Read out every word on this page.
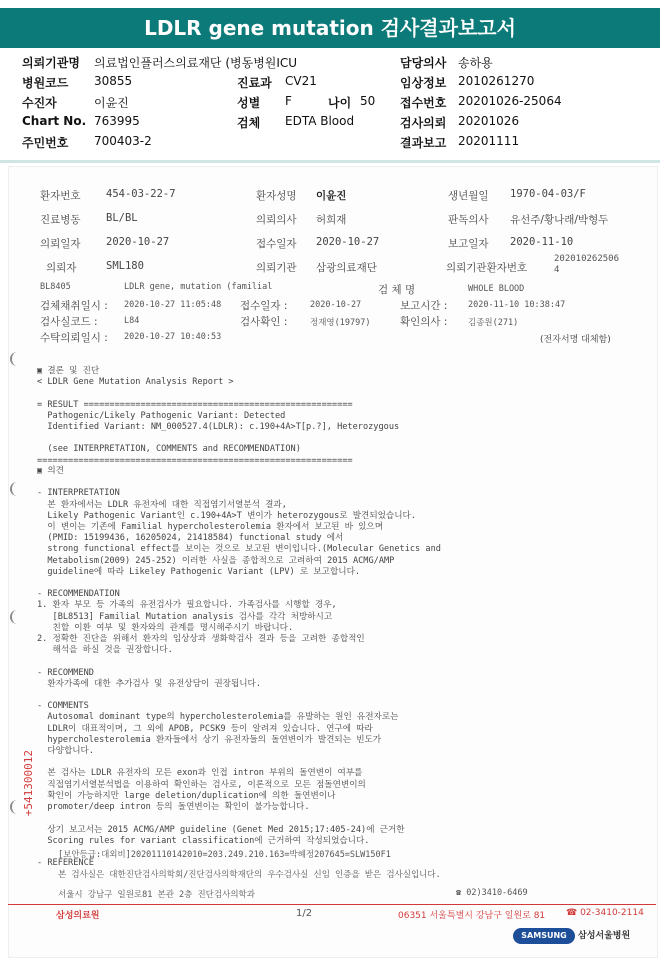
LDLR gene mutation 검사결과보고서
의뢰기관명 의료법인플러스의료재단 (병동병원ICU	담당의사 송하용
병원코드 30855	진료과 CV21	임상정보 2010261270
수진자	이윤진	성별 F	나이 50 접수번호 20201026-25064
Chart No. 763995	검체 EDTA Blood	검사의뢰 20201026
주민번호 700403-2	결과보고 20201111
환자번호 454-03-22-7	환자성명 이윤진	생년월일 1970-04-03/F
진료병동 BL/BL	의뢰의사 허희재	판독의사 유선주/황나래/박형두
의뢰일자 2020-10-27	접수일자 2020-10-27	보고일자 2020-11-10
의뢰자	SML180	의뢰기관 삼광의료재단	의뢰기관환자번호
202010262506
4
BL8405	LDLR gene, mutation (familial	검 체 명	WHOLE BLOOD
검체채취일시 : 2020-10-27 11:05:48 접수일자 :	2020-10-27	보고시간 : 2020-11-10 10:38:47
검사실코드 :	L84	검사확인 :	정재영(19797)	확인의사 : 김종원(271)
수탁의뢰일시 : 2020-10-27 10:40:53	(전자서명 대체함)
▣ 결론 및 진단
< LDLR Gene Mutation Analysis Report >

= RESULT ====================================================
Pathogenic/Likely Pathogenic Variant: Detected
Identified Variant: NM_000527.4(LDLR): c.190+4A>T[p.?], Heterozygous

(see INTERPRETATION, COMMENTS and RECOMMENDATION)
=============================================================
▣ 의견

- INTERPRETATION
본 환자에서는 LDLR 유전자에 대한 직접염기서열분석 결과,
Likely Pathogenic Variant인 c.190+4A>T 변이가 heterozygous로 발견되었습니다.
이 변이는 기존에 Familial hypercholesterolemia 환자에서 보고된 바 있으며
(PMID: 15199436, 16205024, 21418584) functional study 에서
strong functional effect를 보이는 것으로 보고된 변이입니다.(Molecular Genetics and
Metabolism(2009) 245-252) 이러한 사실을 종합적으로 고려하여 2015 ACMG/AMP
guideline에 따라 Likeley Pathogenic Variant (LPV) 로 보고합니다.

- RECOMMENDATION
1. 환자 부모 등 가족의 유전검사가 필요합니다. 가족검사를 시행할 경우,
[BL8513] Familial Mutation analysis 검사를 각각 처방하시고
친할 이환 여부 및 환자와의 관계를 명시해주시기 바랍니다.
2. 정확한 진단을 위해서 환자의 임상상과 생화학검사 결과 등을 고려한 종합적인
해석을 하실 것을 권장합니다.

- RECOMMEND
환자가족에 대한 추가검사 및 유전상담이 권장됩니다.

- COMMENTS
Autosomal dominant type의 hypercholesterolemia를 유발하는 원인 유전자로는
LDLR이 대표적이며, 그 외에 APOB, PCSK9 등이 알려져 있습니다. 연구에 따라
hypercholesterolemia 환자들에서 상기 유전자들의 돌연변이가 발견되는 빈도가
다양합니다.

본 검사는 LDLR 유전자의 모든 exon과 인접 intron 부위의 돌연변이 여부를
직접염기서열분석법을 이용하여 확인하는 검사로, 이론적으로 모든 점돌연변이의
확인이 가능하지만 large deletion/duplication에 의한 돌연변이나
promoter/deep intron 등의 돌연변이는 확인이 불가능합니다.

상기 보고서는 2015 ACMG/AMP guideline (Genet Med 2015;17:405-24)에 근거한
Scoring rules for variant classification에 근거하여 작성되었습니다.

- REFERENCE
+541300012
[보안등급:대외비]20201110142010=203.249.210.163=박혜정207645=SLW150F1
본 검사실은 대한진단검사의학회/진단검사의학재단의 우수검사실 신임 인증을 받은 검사실입니다.
서울시 강남구 일원로81 본관 2층 진단검사의학과	☎ 02)3410-6469
삼성의료원	1/2	06351 서울특별시 강남구 일원로 81 ☎ 02-3410-2114
SAMSUNG	삼성서울병원
